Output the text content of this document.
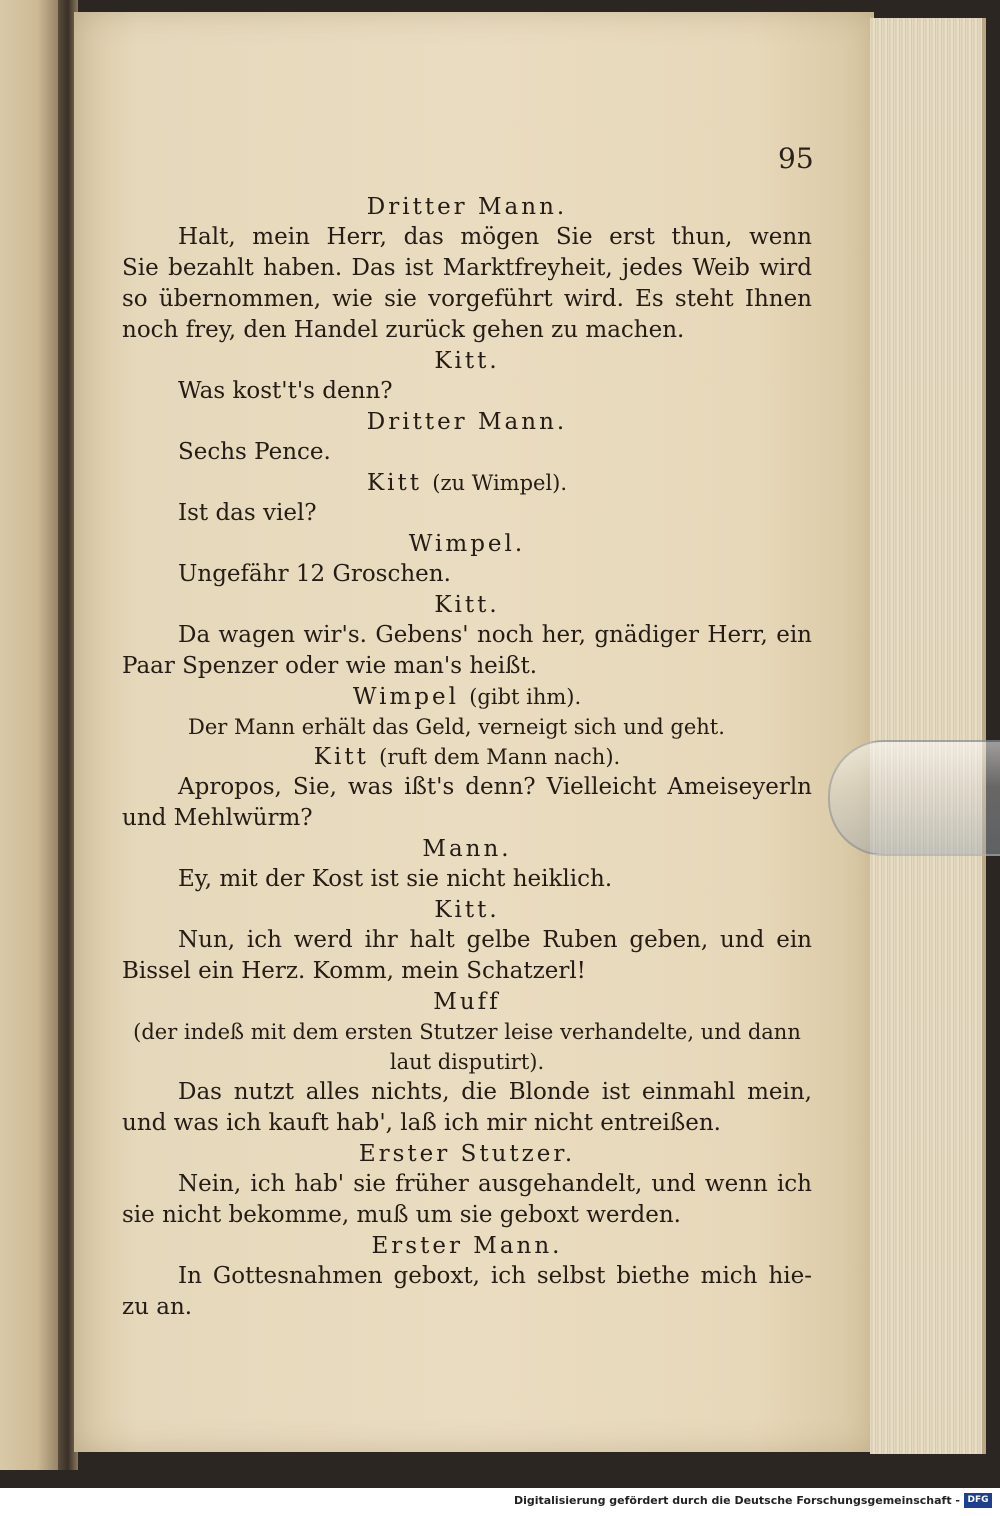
95
Dritter Mann.
Halt, mein Herr, das mögen Sie erst thun, wenn
Sie bezahlt haben. Das ist Marktfreyheit, jedes Weib wird
so übernommen, wie sie vorgeführt wird. Es steht Ihnen
noch frey, den Handel zurück gehen zu machen.
Kitt.
Was kost't's denn?
Dritter Mann.
Sechs Pence.
Kitt (zu Wimpel).
Ist das viel?
Wimpel.
Ungefähr 12 Groschen.
Kitt.
Da wagen wir's. Gebens' noch her, gnädiger Herr, ein
Paar Spenzer oder wie man's heißt.
Wimpel (gibt ihm).
Der Mann erhält das Geld, verneigt sich und geht.
Kitt (ruft dem Mann nach).
Apropos, Sie, was ißt's denn? Vielleicht Ameiseyerln
und Mehlwürm?
Mann.
Ey, mit der Kost ist sie nicht heiklich.
Kitt.
Nun, ich werd ihr halt gelbe Ruben geben, und ein
Bissel ein Herz. Komm, mein Schatzerl!
Muff
(der indeß mit dem ersten Stutzer leise verhandelte, und dann
laut disputirt).
Das nutzt alles nichts, die Blonde ist einmahl mein,
und was ich kauft hab', laß ich mir nicht entreißen.
Erster Stutzer.
Nein, ich hab' sie früher ausgehandelt, und wenn ich
sie nicht bekomme, muß um sie geboxt werden.
Erster Mann.
In Gottesnahmen geboxt, ich selbst biethe mich hie-
zu an.
Digitalisierung gefördert durch die Deutsche Forschungsgemeinschaft - DFG
